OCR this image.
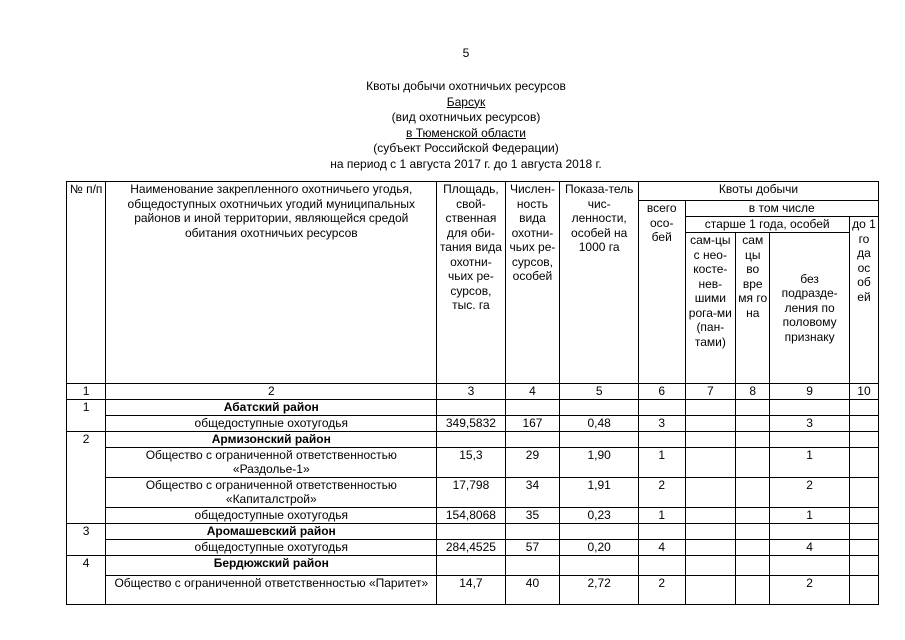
5
Квоты добычи охотничьих ресурсов
Барсук
(вид охотничьих ресурсов)
в Тюменской области
(субъект Российской Федерации)
на период с 1 августа 2017 г. до 1 августа 2018 г.
№ п/п	Наименование закрепленного охотничьего угодья, общедоступных охотничьих угодий муниципальных районов и иной территории, являющейся средой обитания охотничьих ресурсов	Площадь, свой-ственная для оби-тания вида охотни-чьих ре-сурсов, тыс. га	Числен-ность вида охотни-чьих ре-сурсов, особей	Показа-тель чис-ленности, особей на 1000 га	Квоты добычи				
					всего осо-бей	в том числе			
						старше 1 года, особей			до 1 го да ос об ей
						сам-цы с нео-косте-нев-шими рога-ми (пан-тами)	сам цы во вре мя го на	без подразде-ления по половому признаку	
1	2	3	4	5	6	7	8	9	10
1	Абатский район								
	общедоступные охотугодья	349,5832	167	0,48	3			3	
2	Армизонский район								
	Общество с ограниченной ответственностью «Раздолье-1»	15,3	29	1,90	1			1	
	Общество с ограниченной ответственностью «Капиталстрой»	17,798	34	1,91	2			2	
	общедоступные охотугодья	154,8068	35	0,23	1			1	
3	Аромашевский район								
	общедоступные охотугодья	284,4525	57	0,20	4			4	
4	Бердюжский район								
	Общество с ограниченной ответственностью «Паритет»	14,7	40	2,72	2			2	
